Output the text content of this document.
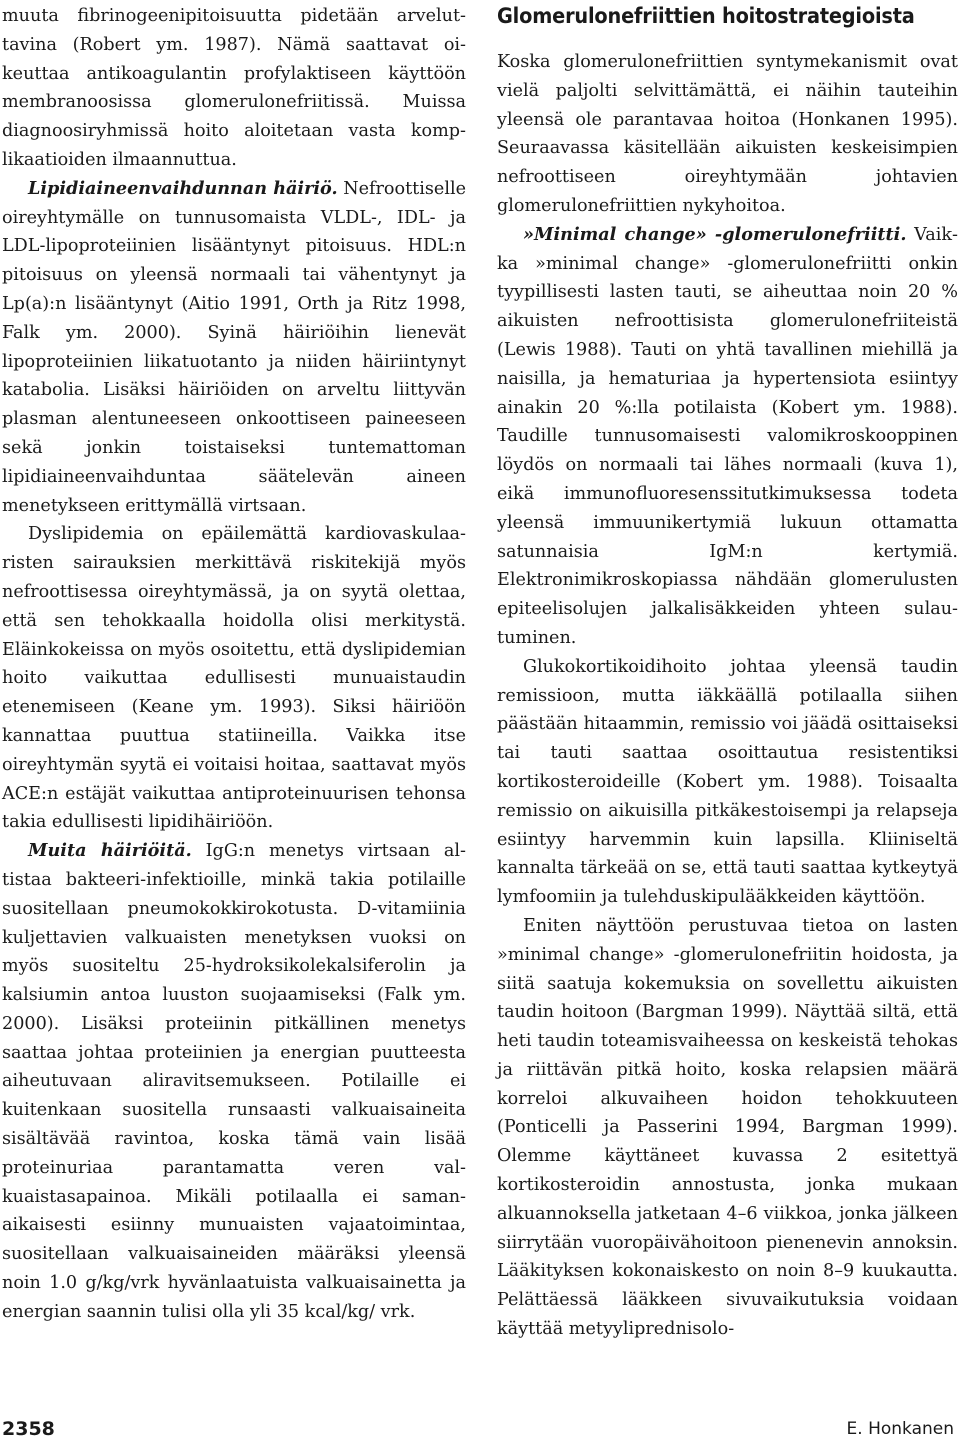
muuta fibrinogeenipitoisuutta pidetään arveluttavina (Robert ym. 1987). Nämä saattavat oikeuttaa antikoagulantin profylaktiseen käyttöön membranoosissa glomerulonefriitissä. Muissa diagnoosiryhmissä hoito aloitetaan vasta komplikaatioiden ilmaannuttua.

Lipidiaineenvaihdunnan häiriö. Nefroottiselle oireyhtymälle on tunnusomaista VLDL-, IDL- ja LDL-lipoproteiinien lisääntynyt pitoisuus. HDL:n pitoisuus on yleensä normaali tai vähentynyt ja Lp(a):n lisääntynyt (Aitio 1991, Orth ja Ritz 1998, Falk ym. 2000). Syinä häiriöihin lienevät lipoproteiinien liikatuotanto ja niiden häiriintynyt katabolia. Lisäksi häiriöiden on arveltu liittyvän plasman alentuneeseen onkoottiseen paineeseen sekä jonkin toistaiseksi tuntemattoman lipidiaineenvaihduntaa säätelevän aineen menetykseen erittymällä virtsaan.

Dyslipidemia on epäilemättä kardiovaskulaaristen sairauksien merkittävä riskitekijä myös nefroottisessa oireyhtymässä, ja on syytä olettaa, että sen tehokkaalla hoidolla olisi merkitystä. Eläinkokeissa on myös osoitettu, että dyslipidemian hoito vaikuttaa edullisesti munuaistaudin etenemiseen (Keane ym. 1993). Siksi häiriöön kannattaa puuttua statiineilla. Vaikka itse oireyhtymän syytä ei voitaisi hoitaa, saattavat myös ACE:n estäjät vaikuttaa antiproteinuurisen tehonsa takia edullisesti lipidihäiriöön.

Muita häiriöitä. IgG:n menetys virtsaan altistaa bakteeri-infektioille, minkä takia potilaille suositellaan pneumokokkirokotusta. D-vitamiinia kuljettavien valkuaisten menetyksen vuoksi on myös suositeltu 25-hydroksikolekalsiferolin ja kalsiumin antoa luuston suojaamiseksi (Falk ym. 2000). Lisäksi proteiinin pitkällinen menetys saattaa johtaa proteiinien ja energian puutteesta aiheutuvaan aliravitsemukseen. Potilaille ei kuitenkaan suositella runsaasti valkuaisaineita sisältävää ravintoa, koska tämä vain lisää proteinuriaa parantamatta veren valkuaistasapainoa. Mikäli potilaalla ei samanaikaisesti esiinny munuaisten vajaatoimintaa, suositellaan valkuaisaineiden määräksi yleensä noin 1.0 g/kg/vrk hyvänlaatuista valkuaisainetta ja energian saannin tulisi olla yli 35 kcal/kg/ vrk.

Glomerulonefriittien hoitostrategioista

Koska glomerulonefriittien syntymekanismit ovat vielä paljolti selvittämättä, ei näihin tauteihin yleensä ole parantavaa hoitoa (Honkanen 1995). Seuraavassa käsitellään aikuisten keskeisimpien nefroottiseen oireyhtymään johtavien glomerulonefriittien nykyhoitoa.

»Minimal change» -glomerulonefriitti. Vaikka »minimal change» -glomerulonefriitti onkin tyypillisesti lasten tauti, se aiheuttaa noin 20 % aikuisten nefroottisista glomerulonefriiteistä (Lewis 1988). Tauti on yhtä tavallinen miehillä ja naisilla, ja hematuriaa ja hypertensiota esiintyy ainakin 20 %:lla potilaista (Kobert ym. 1988). Taudille tunnusomaisesti valomikroskooppinen löydös on normaali tai lähes normaali (kuva 1), eikä immunofluoresenssitutkimuksessa todeta yleensä immuunikertymiä lukuun ottamatta satunnaisia IgM:n kertymiä. Elektronimikroskopiassa nähdään glomerulusten epiteelisolujen jalkalisäkkeiden yhteen sulautuminen.

Glukokortikoidihoito johtaa yleensä taudin remissioon, mutta iäkkäällä potilaalla siihen päästään hitaammin, remissio voi jäädä osittaiseksi tai tauti saattaa osoittautua resistentiksi kortikosteroideille (Kobert ym. 1988). Toisaalta remissio on aikuisilla pitkäkestoisempi ja relapseja esiintyy harvemmin kuin lapsilla. Kliiniseltä kannalta tärkeää on se, että tauti saattaa kytkeytyä lymfoomiin ja tulehduskipulääkkeiden käyttöön.

Eniten näyttöön perustuvaa tietoa on lasten »minimal change» -glomerulonefriitin hoidosta, ja siitä saatuja kokemuksia on sovellettu aikuisten taudin hoitoon (Bargman 1999). Näyttää siltä, että heti taudin toteamisvaiheessa on keskeistä tehokas ja riittävän pitkä hoito, koska relapsien määrä korreloi alkuvaiheen hoidon tehokkuuteen (Ponticelli ja Passerini 1994, Bargman 1999). Olemme käyttäneet kuvassa 2 esitettyä kortikosteroidin annostusta, jonka mukaan alkuannoksella jatketaan 4–6 viikkoa, jonka jälkeen siirrytään vuoropäivähoitoon pienenevin annoksin. Lääkityksen kokonaiskesto on noin 8–9 kuukautta. Pelättäessä lääkkeen sivuvaikutuksia voidaan käyttää metyyliprednisolo-

2358	E. Honkanen
